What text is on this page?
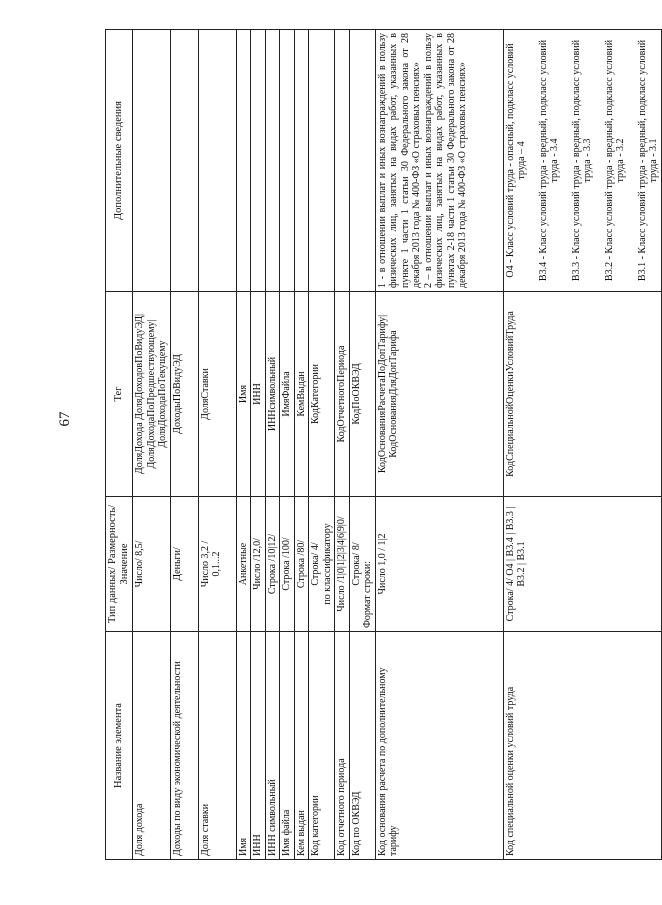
67
Название элемента	Тип данных/ Размерность/ Значение	Тег	Дополнительные сведения
Доля дохода	Число/ 8,5/	ДоляДохода ДоляДоходовПоВидуЭД| ДоляДоходаПоПредшествующему| ДоляДоходаПоТекущему	
Доходы по виду экономической деятельности	Деньги/	ДоходыПоВидуЭД	
Доля ставки	Число 3,2 / 0,1...2	ДоляСтавки	
Имя	Анкетные	Имя	
ИНН	Число /12,0/	ИНН	
ИНН символьный	Строка /10|12/	ИННсимвольный	
Имя файла	Строка /100/	ИмяФайла	
Кем выдан	Строка /80/	КемВыдан	
Код категории	Строка/ 4/ по классификатору	КодКатегории	
Код отчетного периода	Число /1|0|1|2|3|4|6|9|0/	КодОтчетногоПериода	
Код по ОКВЭД	Строка/ 8/ Формат строки:	КодПоОКВЭД	
Код основания расчета по дополнительному тарифу	Число 1,0 / 1|2	КодОснованияРасчетаПоДопТарифу| КодОснованияДляДопТарифа	1 - в отношении выплат и иных вознаграждений в пользу физических лиц, занятых на видах работ, указанных в пункте 1 части 1 статьи 30 Федерального закона от 28 декабря 2013 года № 400-ФЗ «О страховых пенсиях» 2 – в отношении выплат и иных вознаграждений в пользу физических лиц, занятых на видах работ, указанных в пунктах 2-18 части 1 статьи 30 Федерального закона от 28 декабря 2013 года № 400-ФЗ «О страховых пенсиях»

Код специальной оценки условий труда	Строка/ 4/ О4 | В3.4 | В3.3 | В3.2 | В3.1	КодСпециальнойОценкиУсловийТруда	О4 - Класс условий труда - опасный, подкласс условий труда – 4 В3.4 - Класс условий труда - вредный, подкласс условий труда - 3.4 В3.3 - Класс условий труда - вредный, подкласс условий труда - 3.3 В3.2 - Класс условий труда - вредный, подкласс условий труда - 3.2 В3.1 - Класс условий труда - вредный, подкласс условий труда - 3.1
